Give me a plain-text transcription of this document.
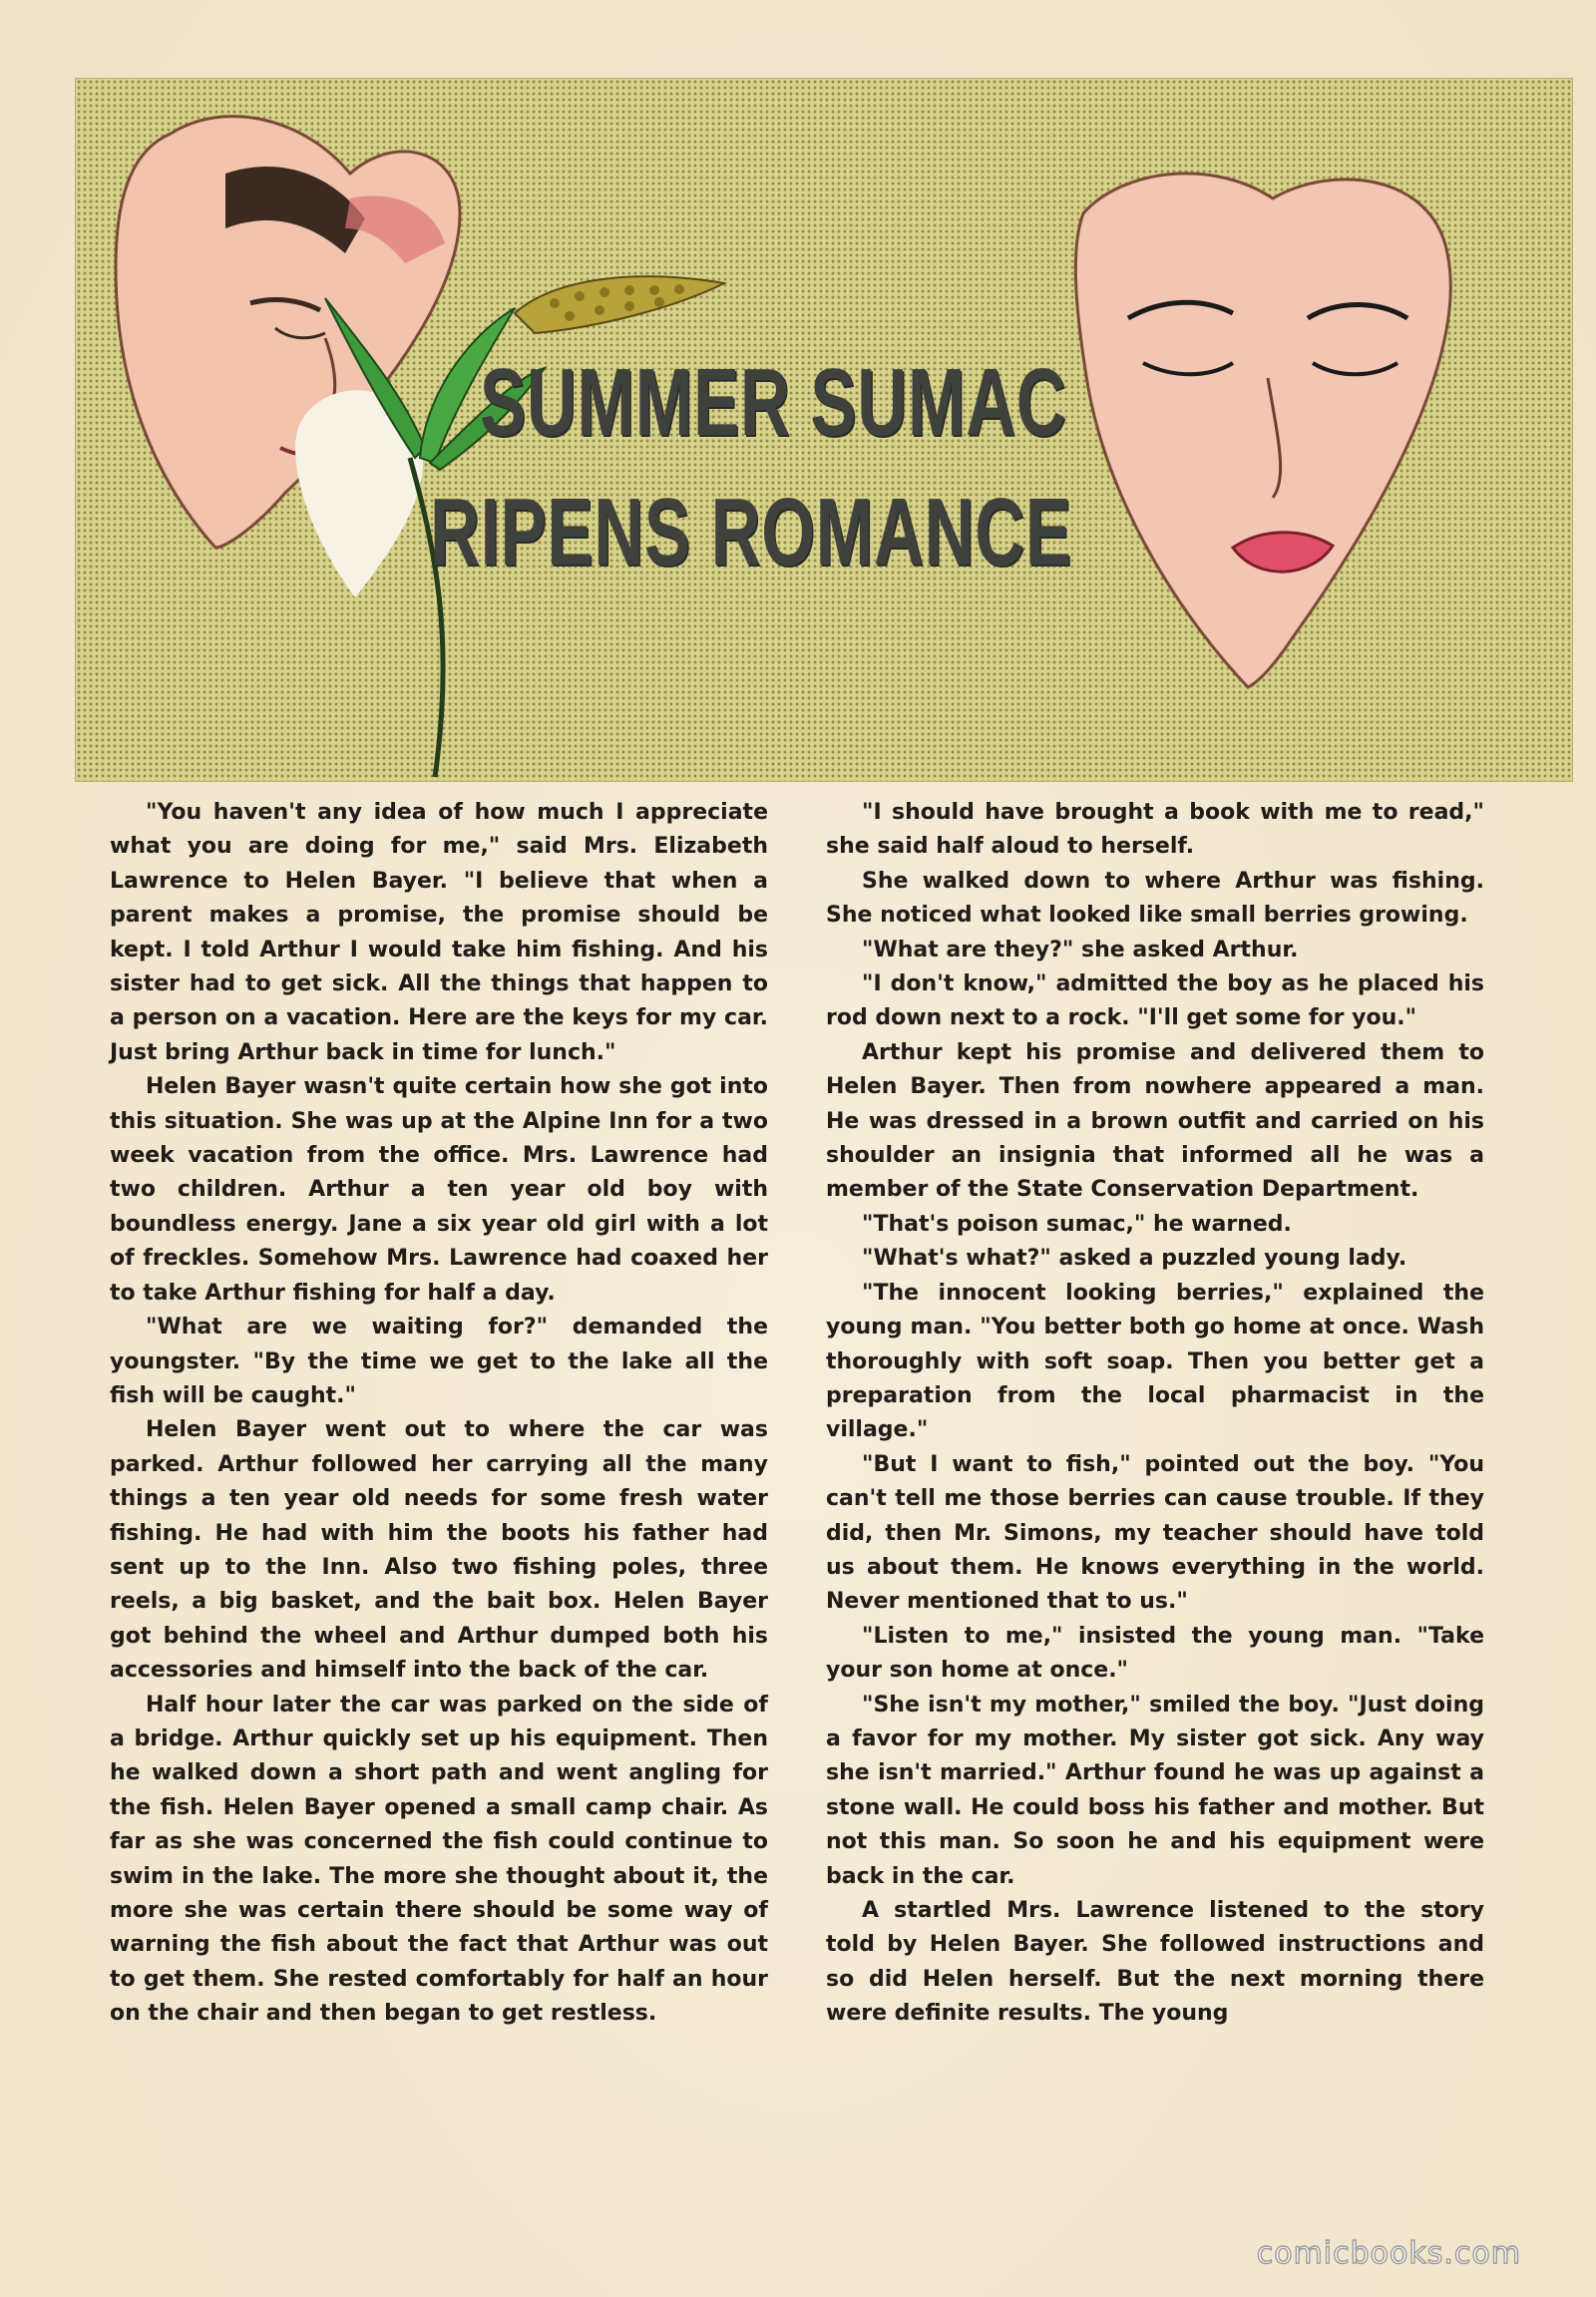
SUMMER SUMAC
RIPENS ROMANCE

"You haven't any idea of how much I appreciate what you are doing for me," said Mrs. Elizabeth Lawrence to Helen Bayer. "I believe that when a parent makes a promise, the promise should be kept. I told Arthur I would take him fishing. And his sister had to get sick. All the things that happen to a person on a vacation. Here are the keys for my car. Just bring Arthur back in time for lunch."

Helen Bayer wasn't quite certain how she got into this situation. She was up at the Alpine Inn for a two week vacation from the office. Mrs. Lawrence had two children. Arthur a ten year old boy with boundless energy. Jane a six year old girl with a lot of freckles. Somehow Mrs. Lawrence had coaxed her to take Arthur fishing for half a day.

"What are we waiting for?" demanded the youngster. "By the time we get to the lake all the fish will be caught."

Helen Bayer went out to where the car was parked. Arthur followed her carrying all the many things a ten year old needs for some fresh water fishing. He had with him the boots his father had sent up to the Inn. Also two fishing poles, three reels, a big basket, and the bait box. Helen Bayer got behind the wheel and Arthur dumped both his accessories and himself into the back of the car.

Half hour later the car was parked on the side of a bridge. Arthur quickly set up his equipment. Then he walked down a short path and went angling for the fish. Helen Bayer opened a small camp chair. As far as she was concerned the fish could continue to swim in the lake. The more she thought about it, the more she was certain there should be some way of warning the fish about the fact that Arthur was out to get them. She rested comfortably for half an hour on the chair and then began to get restless.

"I should have brought a book with me to read," she said half aloud to herself.

She walked down to where Arthur was fishing. She noticed what looked like small berries growing.

"What are they?" she asked Arthur.

"I don't know," admitted the boy as he placed his rod down next to a rock. "I'll get some for you."

Arthur kept his promise and delivered them to Helen Bayer. Then from nowhere appeared a man. He was dressed in a brown outfit and carried on his shoulder an insignia that informed all he was a member of the State Conservation Department.

"That's poison sumac," he warned.

"What's what?" asked a puzzled young lady.

"The innocent looking berries," explained the young man. "You better both go home at once. Wash thoroughly with soft soap. Then you better get a preparation from the local pharmacist in the village."

"But I want to fish," pointed out the boy. "You can't tell me those berries can cause trouble. If they did, then Mr. Simons, my teacher should have told us about them. He knows everything in the world. Never mentioned that to us."

"Listen to me," insisted the young man. "Take your son home at once."

"She isn't my mother," smiled the boy. "Just doing a favor for my mother. My sister got sick. Any way she isn't married." Arthur found he was up against a stone wall. He could boss his father and mother. But not this man. So soon he and his equipment were back in the car.

A startled Mrs. Lawrence listened to the story told by Helen Bayer. She followed instructions and so did Helen herself. But the next morning there were definite results. The young

comicbooks.com
